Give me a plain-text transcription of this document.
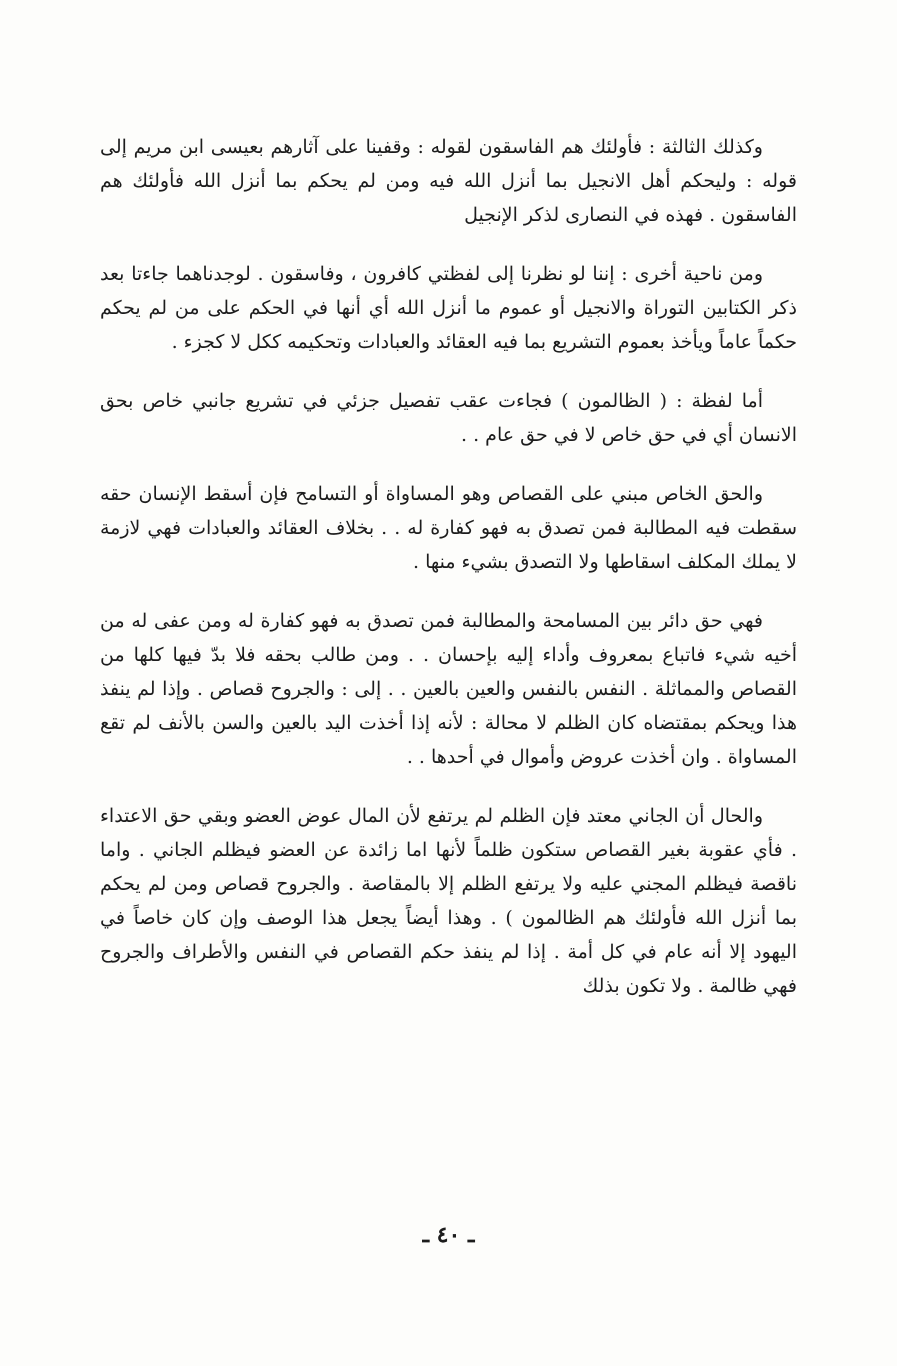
وكذلك الثالثة : فأولئك هم الفاسقون لقوله : وقفينا على آثارهم بعيسى ابن مريم إلى قوله : وليحكم أهل الانجيل بما أنزل الله فيه ومن لم يحكم بما أنزل الله فأولئك هم الفاسقون . فهذه في النصارى لذكر الإنجيل

ومن ناحية أخرى : إننا لو نظرنا إلى لفظتي كافرون ، وفاسقون . لوجدناهما جاءتا بعد ذكر الكتابين التوراة والانجيل أو عموم ما أنزل الله أي أنها في الحكم على من لم يحكم حكماً عاماً ويأخذ بعموم التشريع بما فيه العقائد والعبادات وتحكيمه ككل لا كجزء .

أما لفظة : ( الظالمون ) فجاءت عقب تفصيل جزئي في تشريع جانبي خاص بحق الانسان أي في حق خاص لا في حق عام . .

والحق الخاص مبني على القصاص وهو المساواة أو التسامح فإن أسقط الإنسان حقه سقطت فيه المطالبة فمن تصدق به فهو كفارة له . . بخلاف العقائد والعبادات فهي لازمة لا يملك المكلف اسقاطها ولا التصدق بشيء منها .

فهي حق دائر بين المسامحة والمطالبة فمن تصدق به فهو كفارة له ومن عفى له من أخيه شيء فاتباع بمعروف وأداء إليه بإحسان . . ومن طالب بحقه فلا بدّ فيها كلها من القصاص والمماثلة . النفس بالنفس والعين بالعين . . إلى : والجروح قصاص . وإذا لم ينفذ هذا ويحكم بمقتضاه كان الظلم لا محالة : لأنه إذا أخذت اليد بالعين والسن بالأنف لم تقع المساواة . وان أخذت عروض وأموال في أحدها . .

والحال أن الجاني معتد فإن الظلم لم يرتفع لأن المال عوض العضو وبقي حق الاعتداء . فأي عقوبة بغير القصاص ستكون ظلماً لأنها اما زائدة عن العضو فيظلم الجاني . واما ناقصة فيظلم المجني عليه ولا يرتفع الظلم إلا بالمقاصة . والجروح قصاص ومن لم يحكم بما أنزل الله فأولئك هم الظالمون ) . وهذا أيضاً يجعل هذا الوصف وإن كان خاصاً في اليهود إلا أنه عام في كل أمة . إذا لم ينفذ حكم القصاص في النفس والأطراف والجروح فهي ظالمة . ولا تكون بذلك

ـ ٤٠ ـ
